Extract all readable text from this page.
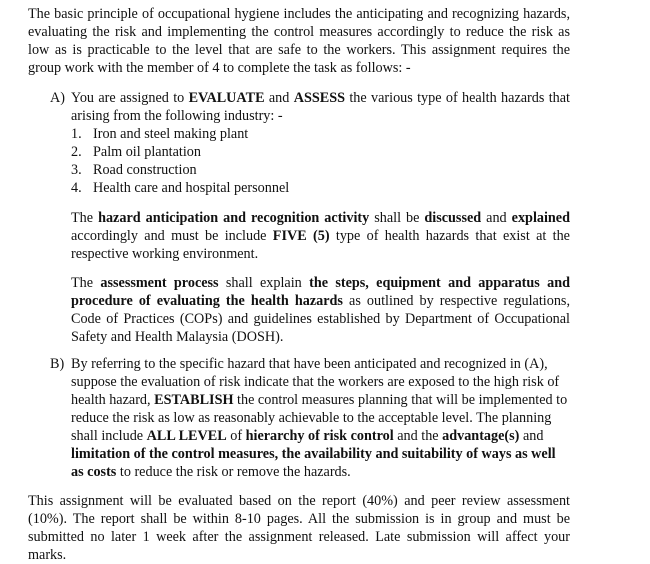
The basic principle of occupational hygiene includes the anticipating and recognizing hazards, evaluating the risk and implementing the control measures accordingly to reduce the risk as low as is practicable to the level that are safe to the workers. This assignment requires the group work with the member of 4 to complete the task as follows: -

A) You are assigned to EVALUATE and ASSESS the various type of health hazards that arising from the following industry: -

1. Iron and steel making plant
2. Palm oil plantation
3. Road construction
4. Health care and hospital personnel

The hazard anticipation and recognition activity shall be discussed and explained accordingly and must be include FIVE (5) type of health hazards that exist at the respective working environment.

The assessment process shall explain the steps, equipment and apparatus and procedure of evaluating the health hazards as outlined by respective regulations, Code of Practices (COPs) and guidelines established by Department of Occupational Safety and Health Malaysia (DOSH).

B) By referring to the specific hazard that have been anticipated and recognized in (A), suppose the evaluation of risk indicate that the workers are exposed to the high risk of health hazard, ESTABLISH the control measures planning that will be implemented to reduce the risk as low as reasonably achievable to the acceptable level. The planning shall include ALL LEVEL of hierarchy of risk control and the advantage(s) and limitation of the control measures, the availability and suitability of ways as well as costs to reduce the risk or remove the hazards.

This assignment will be evaluated based on the report (40%) and peer review assessment (10%). The report shall be within 8-10 pages. All the submission is in group and must be submitted no later 1 week after the assignment released. Late submission will affect your marks.
